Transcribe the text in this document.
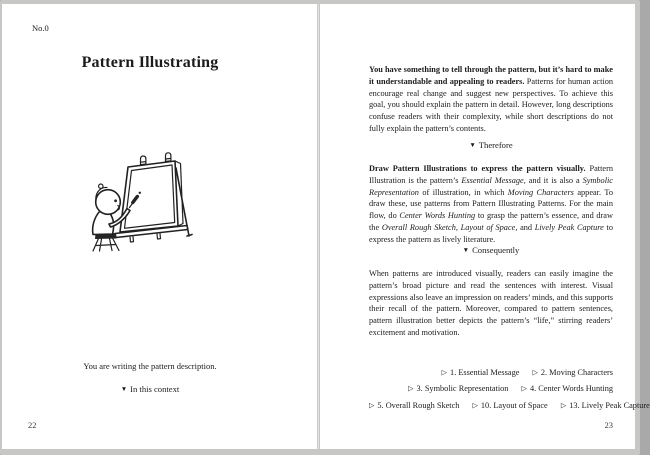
No.0
Pattern Illustrating
You are writing the pattern description.
▼ In this context
22

You have something to tell through the pattern, but it’s hard to make it understandable and appealing to readers. Patterns for human action encourage real change and suggest new perspectives. To achieve this goal, you should explain the pattern in detail. However, long descriptions confuse readers with their complexity, while short descriptions do not fully explain the pattern’s contents.

▼ Therefore

Draw Pattern Illustrations to express the pattern visually. Pattern Illustration is the pattern’s Essential Message, and it is also a Symbolic Representation of illustration, in which Moving Characters appear. To draw these, use patterns from Pattern Illustrating Patterns. For the main flow, do Center Words Hunting to grasp the pattern’s essence, and draw the Overall Rough Sketch, Layout of Space, and Lively Peak Capture to express the pattern as lively literature.

▼ Consequently

When patterns are introduced visually, readers can easily imagine the pattern’s broad picture and read the sentences with interest. Visual expressions also leave an impression on readers’ minds, and this supports their recall of the pattern. Moreover, compared to pattern sentences, pattern illustration better depicts the pattern’s “life,” stirring readers’ excitement and motivation.

▷ 1. Essential Message ▷ 2. Moving Characters
▷ 3. Symbolic Representation ▷ 4. Center Words Hunting
▷ 5. Overall Rough Sketch ▷ 10. Layout of Space ▷ 13. Lively Peak Capture
23
